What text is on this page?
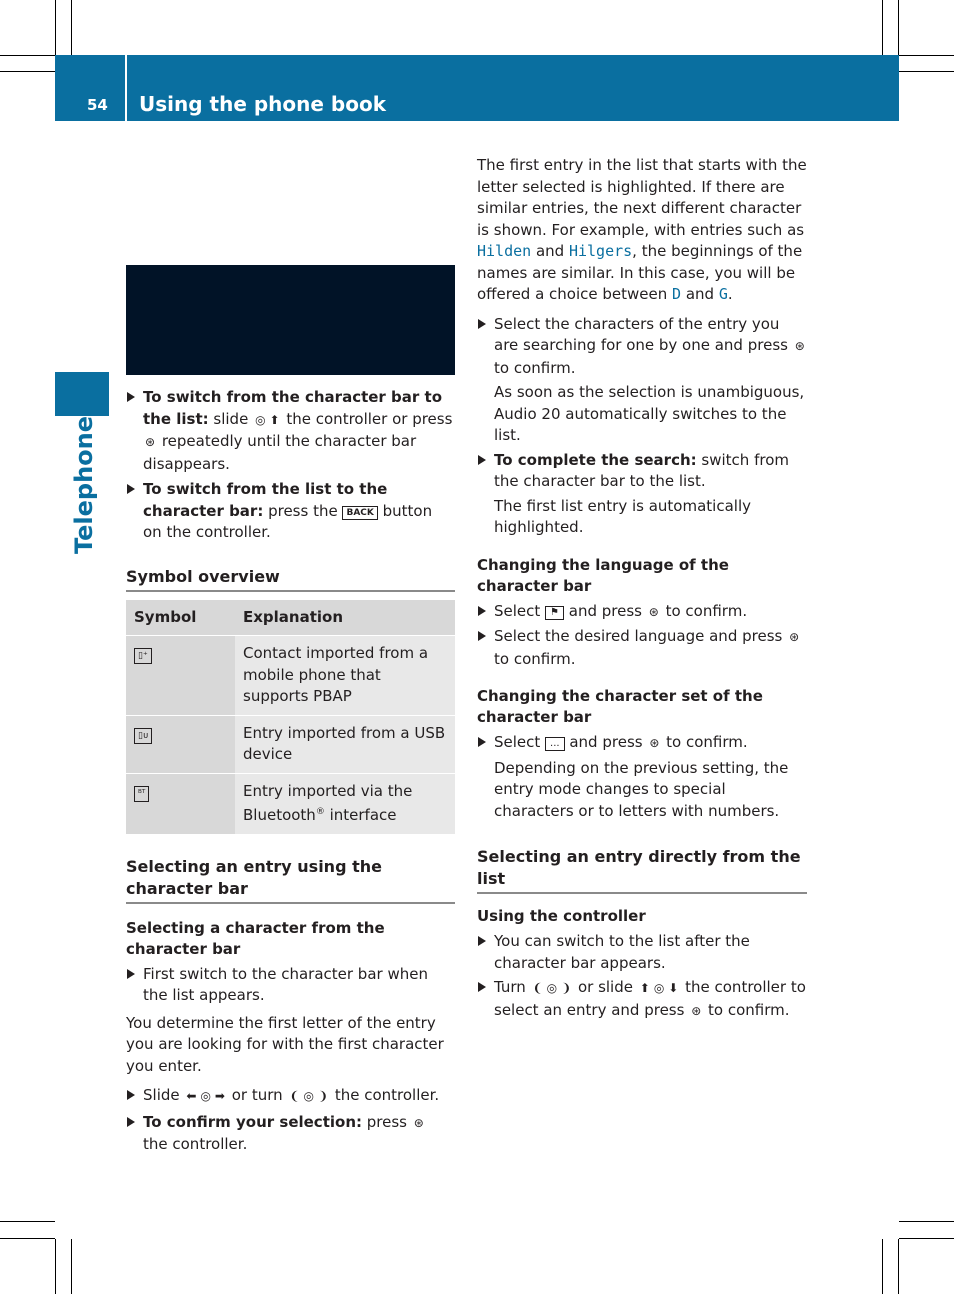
54 Using the phone book
Telephone
To switch from the character bar to the list: slide ◎ ⬆ the controller or press ⊛ repeatedly until the character bar disappears.
To switch from the list to the character bar: press the BACK button on the controller.
Symbol overview
Symbol	Explanation
▯⁺	Contact imported from a mobile phone that supports PBAP
▯ᴜ	Entry imported from a USB device
ᴮᵀ	Entry imported via the Bluetooth® interface
Selecting an entry using the character bar
Selecting a character from the character bar
First switch to the character bar when the list appears.

You determine the first letter of the entry you are looking for with the first character you enter.

Slide ⬅ ◎ ➡ or turn ❨ ◎ ❩ the controller.
To confirm your selection: press ⊛ the controller.

The first entry in the list that starts with the letter selected is highlighted. If there are similar entries, the next different character is shown. For example, with entries such as Hilden and Hilgers, the beginnings of the names are similar. In this case, you will be offered a choice between D and G.

Select the characters of the entry you are searching for one by one and press ⊛ to confirm.
As soon as the selection is unambiguous, Audio 20 automatically switches to the list.
To complete the search: switch from the character bar to the list.
The first list entry is automatically highlighted.
Changing the language of the character bar
Select ⚑ and press ⊛ to confirm.
Select the desired language and press ⊛ to confirm.
Changing the character set of the character bar
Select ... and press ⊛ to confirm.
Depending on the previous setting, the entry mode changes to special characters or to letters with numbers.
Selecting an entry directly from the list
Using the controller
You can switch to the list after the character bar appears.
Turn ❨ ◎ ❩ or slide ⬆ ◎ ⬇ the controller to select an entry and press ⊛ to confirm.
